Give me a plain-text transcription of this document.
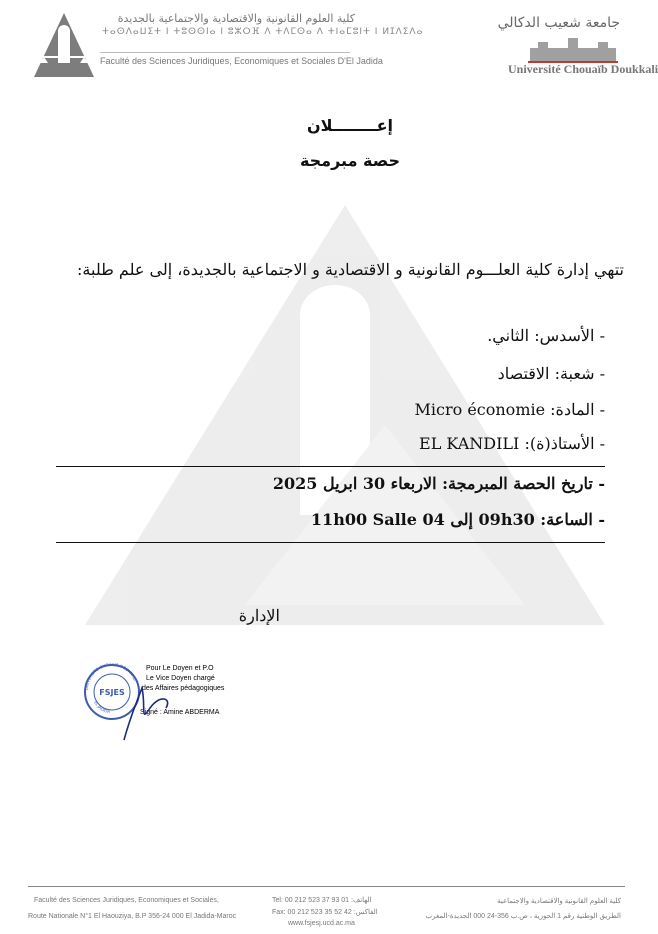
كلية العلوم القانونية والاقتصادية والاجتماعية بالجديدة
ⵜⴰⵙⴷⴰⵡⵉⵜ ⵏ ⵜⵓⵙⵙⵏⴰ ⵏ ⵓⵣⵔⴼ ⴷ ⵜⴷⵎⵙⴰ ⴷ ⵜⵏⴰⵎⵓⵏⵜ ⵏ ⵍⵊⴷⵉⴷⴰ
Faculté des Sciences Juridiques, Economiques et Sociales D'El Jadida
جامعة شعيب الدكالي
Université Chouaïb Doukkali
إعــــــــلان
حصة مبرمجة
تتهي إدارة كلية العلـــوم القانونية و الاقتصادية و الاجتماعية بالجديدة، إلى علم طلبة:
- الأسدس: الثاني.
- شعبة: الاقتصاد
- المادة: Micro économie
- الأستاذ(ة): EL KANDILI
- تاريخ الحصة المبرمجة: الاربعاء 30 ابريل 2025
- الساعة: 09h30 إلى 11h00 Salle 04
الإدارة
UNIVERSITE CHOUAIB DOUKKALI
EL JADIDA
FSJES
Pour Le Doyen et P.O
Le Vice Doyen chargé
des Affaires pédagogiques
Signé : Amine ABDERMA
Faculté des Sciences Juridiques, Economiques et Sociales,
Route Nationale N°1 El Haouziya, B.P 356-24 000 El Jadida-Maroc
Tel: 00 212 523 37 93 01 :الهاتف
Fax: 00 212 523 35 52 42 :الفاكس
www.fsjesj.ucd.ac.ma
كلية العلوم القانونية والاقتصادية والاجتماعية
الطريق الوطنية رقم 1 الحوزية ، ص.ب 356-24 000 الجديدة-المغرب
